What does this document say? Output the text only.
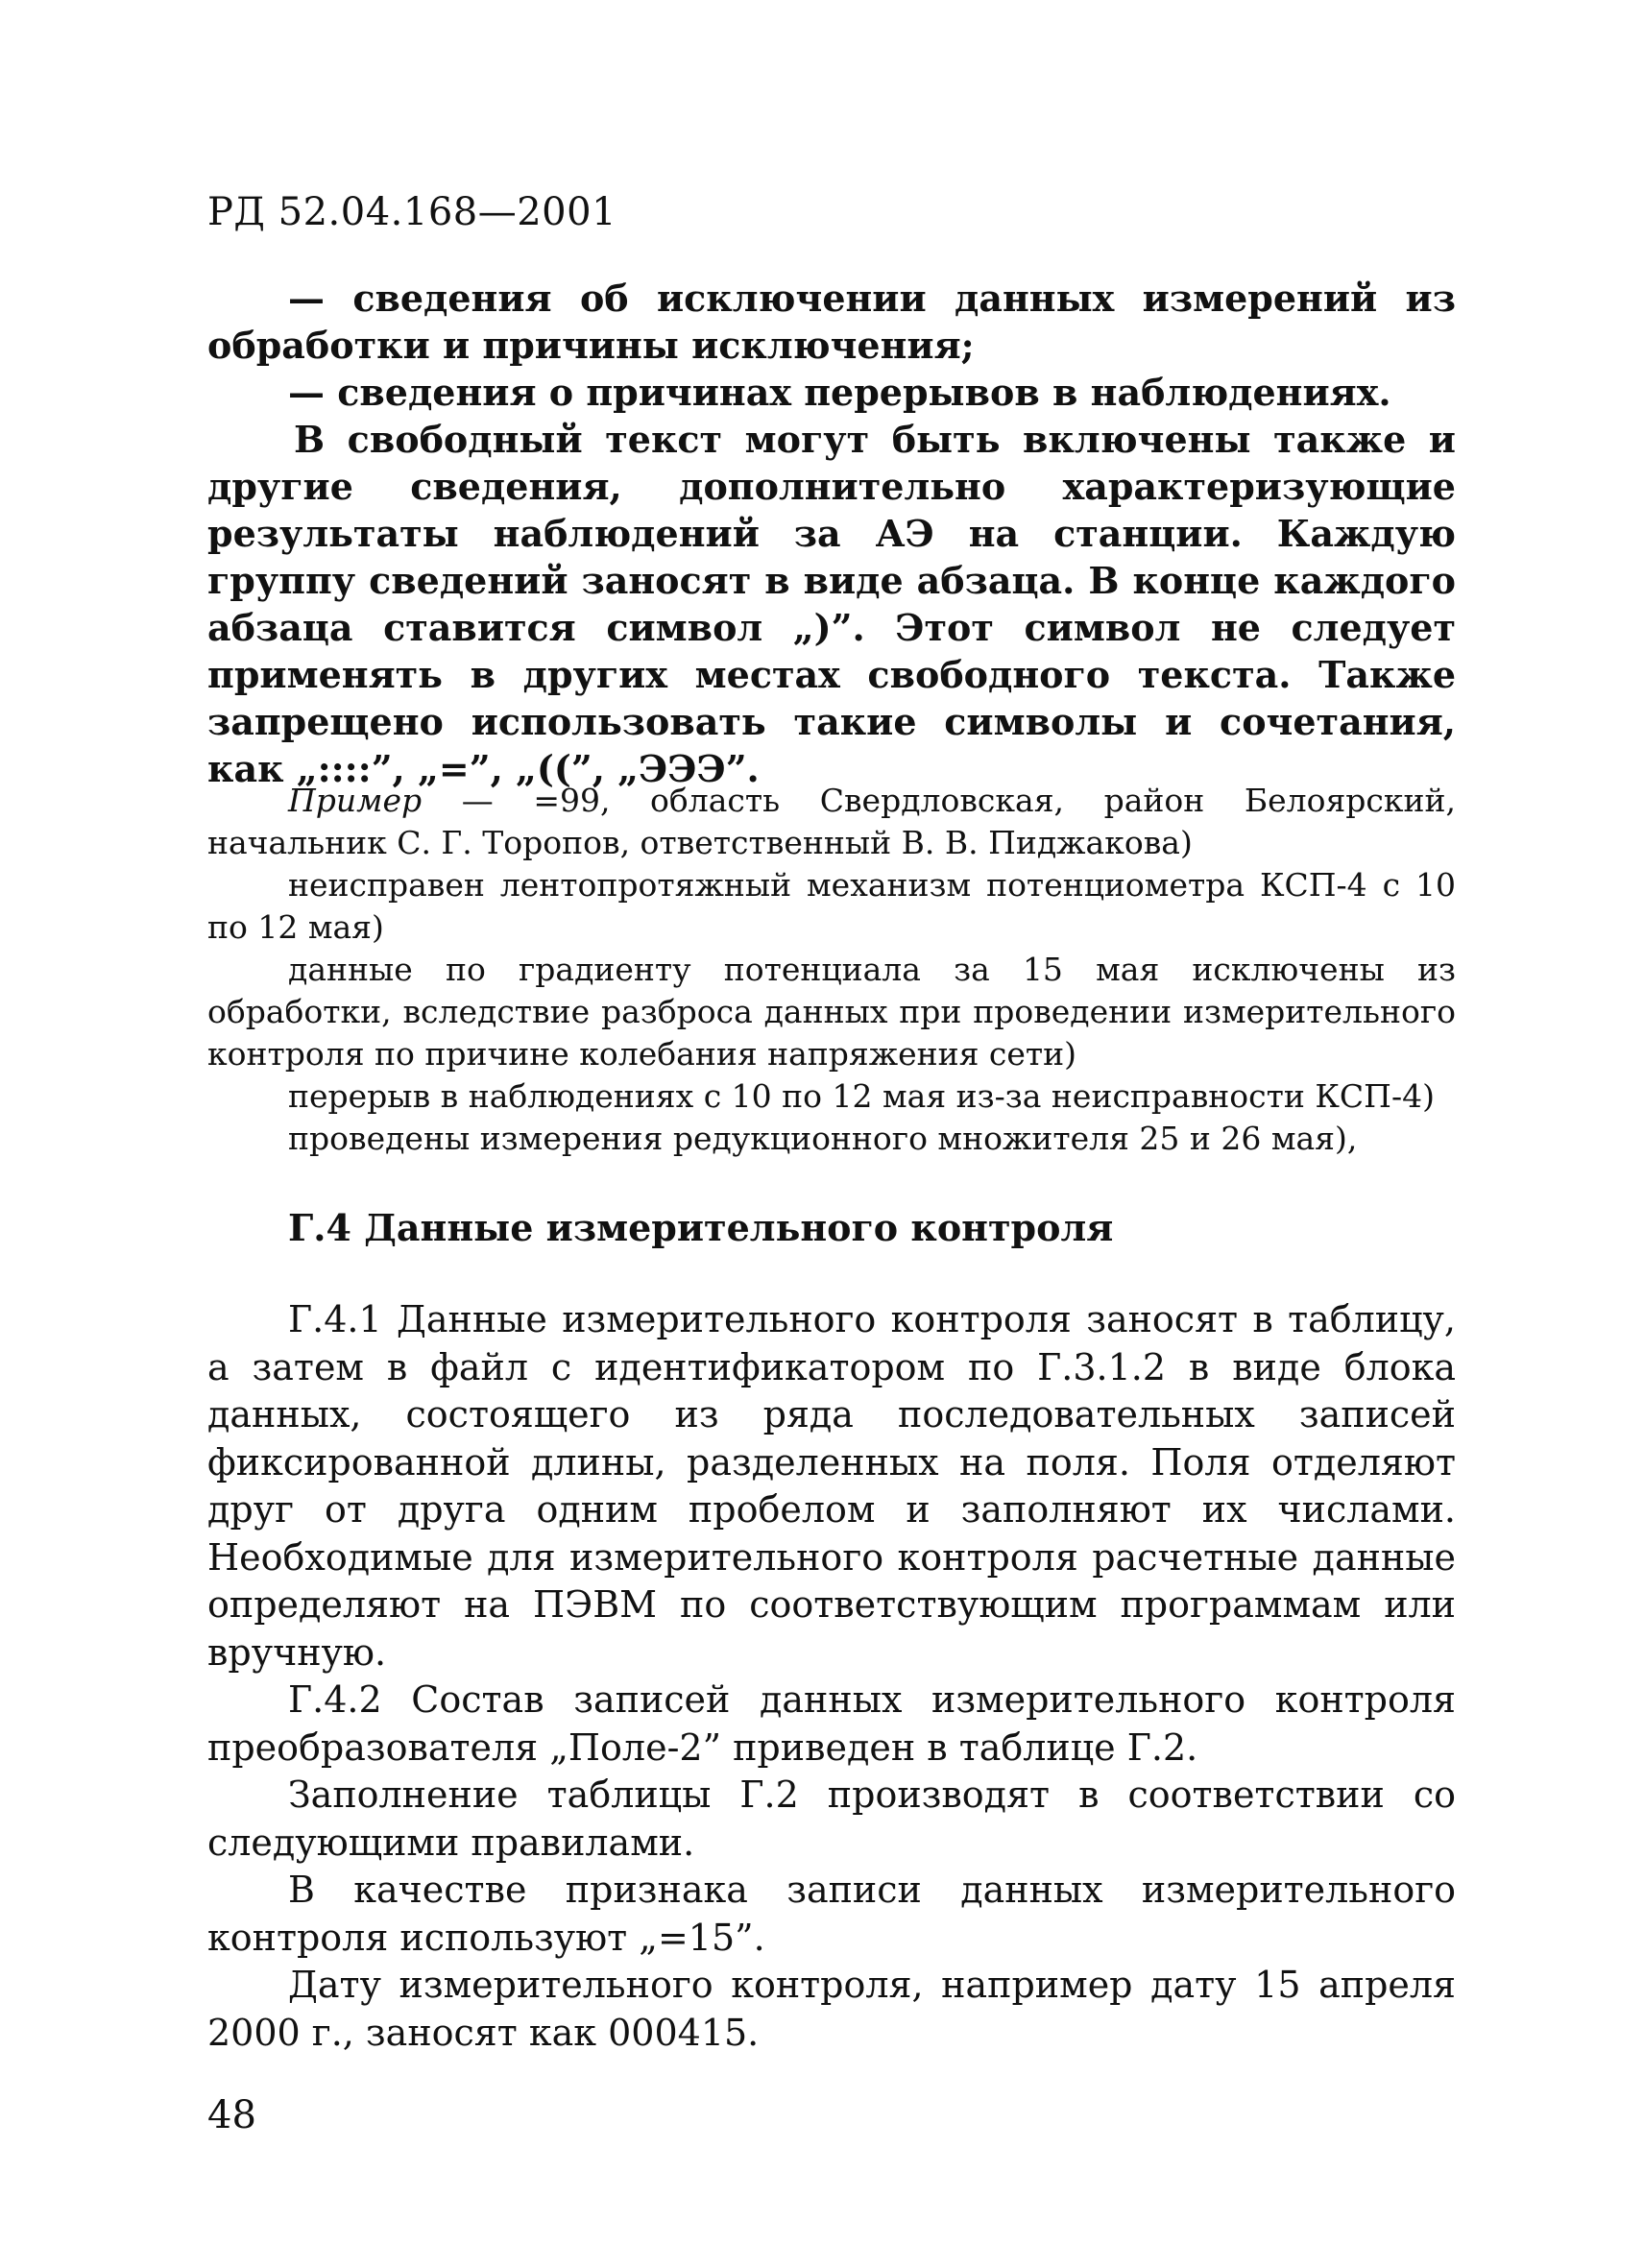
РД 52.04.168—2001

— сведения об исключении данных измерений из обработки и причины исключения;

— сведения о причинах перерывов в наблюдениях.

В свободный текст могут быть включены также и другие сведения, дополнительно характеризующие результаты наблюдений за АЭ на станции. Каждую группу сведений заносят в виде абзаца. В конце каждого абзаца ставится символ „)”. Этот символ не следует применять в других местах свободного текста. Также запрещено использовать такие символы и сочетания, как „::::”, „=”, „((”, „ЭЭЭ”.

Пример — =99, область Свердловская, район Белоярский, начальник С. Г. Торопов, ответственный В. В. Пиджакова)

неисправен лентопротяжный механизм потенциометра КСП-4 с 10 по 12 мая)

данные по градиенту потенциала за 15 мая исключены из обработки, вследствие разброса данных при проведении измерительного контроля по причине колебания напряжения сети)

перерыв в наблюдениях с 10 по 12 мая из-за неисправности КСП-4)

проведены измерения редукционного множителя 25 и 26 мая),

Г.4 Данные измерительного контроля

Г.4.1 Данные измерительного контроля заносят в таблицу, а затем в файл с идентификатором по Г.3.1.2 в виде блока данных, состоящего из ряда последовательных записей фиксированной длины, разделенных на поля. Поля отделяют друг от друга одним пробелом и заполняют их числами. Необходимые для измерительного контроля расчетные данные определяют на ПЭВМ по соответствующим программам или вручную.

Г.4.2 Состав записей данных измерительного контроля преобразователя „Поле-2” приведен в таблице Г.2.

Заполнение таблицы Г.2 производят в соответствии со следующими правилами.

В качестве признака записи данных измерительного контроля используют „=15”.

Дату измерительного контроля, например дату 15 апреля 2000 г., заносят как 000415.

48
